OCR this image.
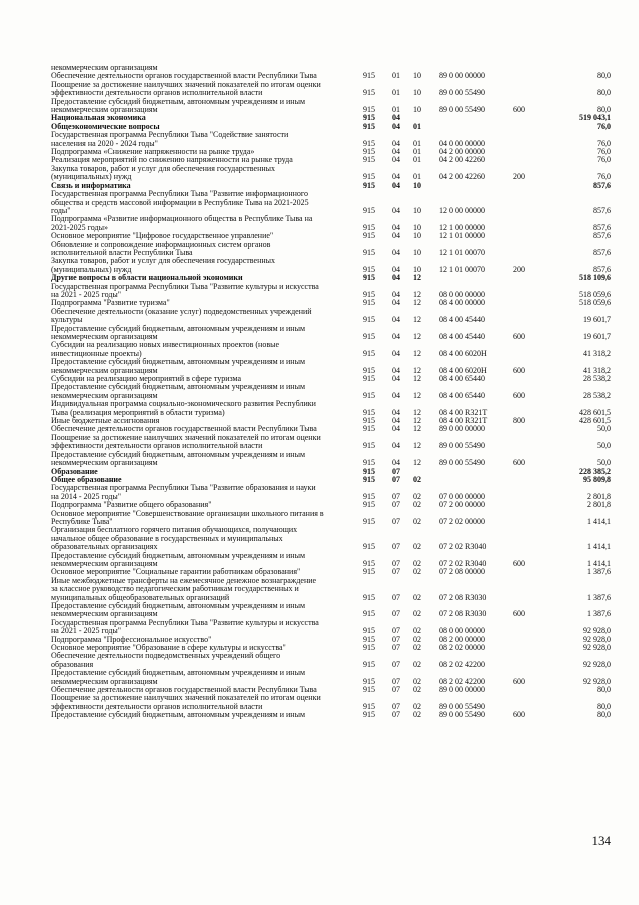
некоммерческим организациям
Обеспечение деятельности органов государственной власти Республики Тыва	915 01 10 89 0 00 00000	80,0
Поощрение за достижение наилучших значений показателей по итогам оценки
эффективности деятельности органов исполнительной власти	915 01 10 89 0 00 55490	80,0
Предоставление субсидий бюджетным, автономным учреждениям и иным
некоммерческим организациям	915 01 10 89 0 00 55490	600	80,0
Национальная экономика	915 04	519 043,1
Общеэкономические вопросы	915 04 01	76,0
Государственная программа Республики Тыва "Содействие занятости
населения на 2020 - 2024 годы"	915 04 01 04 0 00 00000	76,0
Подпрограмма «Снижение напряженности на рынке труда»	915 04 01 04 2 00 00000	76,0
Реализация мероприятий по снижению напряженности на рынке труда	915 04 01 04 2 00 42260	76,0
Закупка товаров, работ и услуг для обеспечения государственных
(муниципальных) нужд	915 04 01 04 2 00 42260	200	76,0
Связь и информатика	915 04 10	857,6
Государственная программа Республики Тыва "Развитие информационного
общества и средств массовой информации в Республике Тыва на 2021-2025
годы"	915 04 10 12 0 00 00000	857,6
Подпрограмма «Развитие информационного общества в Республике Тыва на
2021-2025 годы»	915 04 10 12 1 00 00000	857,6
Основное мероприятие "Цифровое государственное управление"	915 04 10 12 1 01 00000	857,6
Обновление и сопровождение информационных систем органов
исполнительной власти Республики Тыва	915 04 10 12 1 01 00070	857,6
Закупка товаров, работ и услуг для обеспечения государственных
(муниципальных) нужд	915 04 10 12 1 01 00070	200	857,6
Другие вопросы в области национальной экономики	915 04 12	518 109,6
Государственная программа Республики Тыва "Развитие культуры и искусства
на 2021 - 2025 годы"	915 04 12 08 0 00 00000	518 059,6
Подпрограмма "Развитие туризма"	915 04 12 08 4 00 00000	518 059,6
Обеспечение деятельности (оказание услуг) подведомственных учреждений
культуры	915 04 12 08 4 00 45440	19 601,7
Предоставление субсидий бюджетным, автономным учреждениям и иным
некоммерческим организациям	915 04 12 08 4 00 45440	600	19 601,7
Субсидии на реализацию новых инвестиционных проектов (новые
инвестиционные проекты)	915 04 12 08 4 00 6020Н	41 318,2
Предоставление субсидий бюджетным, автономным учреждениям и иным
некоммерческим организациям	915 04 12 08 4 00 6020Н	600	41 318,2
Субсидии на реализацию мероприятий в сфере туризма	915 04 12 08 4 00 65440	28 538,2
Предоставление субсидий бюджетным, автономным учреждениям и иным
некоммерческим организациям	915 04 12 08 4 00 65440	600	28 538,2
Индивидуальная программа социально-экономического развития Республики
Тыва (реализация мероприятий в области туризма)	915 04 12 08 4 00 R321Т	428 601,5
Иные бюджетные ассигнования	915 04 12 08 4 00 R321Т	800	428 601,5
Обеспечение деятельности органов государственной власти Республики Тыва	915 04 12 89 0 00 00000	50,0
Поощрение за достижение наилучших значений показателей по итогам оценки
эффективности деятельности органов исполнительной власти	915 04 12 89 0 00 55490	50,0
Предоставление субсидий бюджетным, автономным учреждениям и иным
некоммерческим организациям	915 04 12 89 0 00 55490	600	50,0
Образование	915 07	228 385,2
Общее образование	915 07 02	95 809,8
Государственная программа Республики Тыва "Развитие образования и науки
на 2014 - 2025 годы"	915 07 02 07 0 00 00000	2 801,8
Подпрограмма "Развитие общего образования"	915 07 02 07 2 00 00000	2 801,8
Основное мероприятие "Совершенствование организации школьного питания в
Республике Тыва"	915 07 02 07 2 02 00000	1 414,1
Организация бесплатного горячего питания обучающихся, получающих
начальное общее образование в государственных и муниципальных
образовательных организациях	915 07 02 07 2 02 R3040	1 414,1
Предоставление субсидий бюджетным, автономным учреждениям и иным
некоммерческим организациям	915 07 02 07 2 02 R3040	600	1 414,1
Основное мероприятие "Социальные гарантии работникам образования"	915 07 02 07 2 08 00000	1 387,6
Иные межбюджетные трансферты на ежемесячное денежное вознаграждение
за классное руководство педагогическим работникам государственных и
муниципальных общеобразовательных организаций	915 07 02 07 2 08 R3030	1 387,6
Предоставление субсидий бюджетным, автономным учреждениям и иным
некоммерческим организациям	915 07 02 07 2 08 R3030	600	1 387,6
Государственная программа Республики Тыва "Развитие культуры и искусства
на 2021 - 2025 годы"	915 07 02 08 0 00 00000	92 928,0
Подпрограмма "Профессиональное искусство"	915 07 02 08 2 00 00000	92 928,0
Основное мероприятие "Образование в сфере культуры и искусства"	915 07 02 08 2 02 00000	92 928,0
Обеспечение деятельности подведомственных учреждений общего
образования	915 07 02 08 2 02 42200	92 928,0
Предоставление субсидий бюджетным, автономным учреждениям и иным
некоммерческим организациям	915 07 02 08 2 02 42200	600	92 928,0
Обеспечение деятельности органов государственной власти Республики Тыва	915 07 02 89 0 00 00000	80,0
Поощрение за достижение наилучших значений показателей по итогам оценки
эффективности деятельности органов исполнительной власти	915 07 02 89 0 00 55490	80,0
Предоставление субсидий бюджетным, автономным учреждениям и иным	915 07 02 89 0 00 55490	600	80,0
134
